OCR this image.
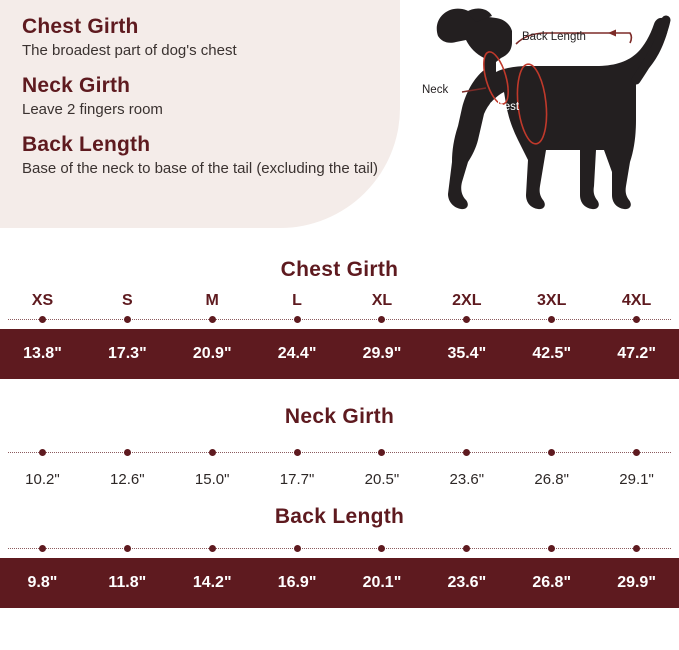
Chest Girth
The broadest part of dog's chest
Neck Girth
Leave 2 fingers room
Back Length
Base of the neck to base of the tail (excluding the tail)
Back Length
Neck
Chest
Chest Girth
XS	S	M	L	XL	2XL	3XL	4XL
13.8"	17.3"	20.9"	24.4"	29.9"	35.4"	42.5"	47.2"
Neck Girth
10.2"	12.6"	15.0"	17.7"	20.5"	23.6"	26.8"	29.1"
Back Length
9.8"	11.8"	14.2"	16.9"	20.1"	23.6"	26.8"	29.9"
